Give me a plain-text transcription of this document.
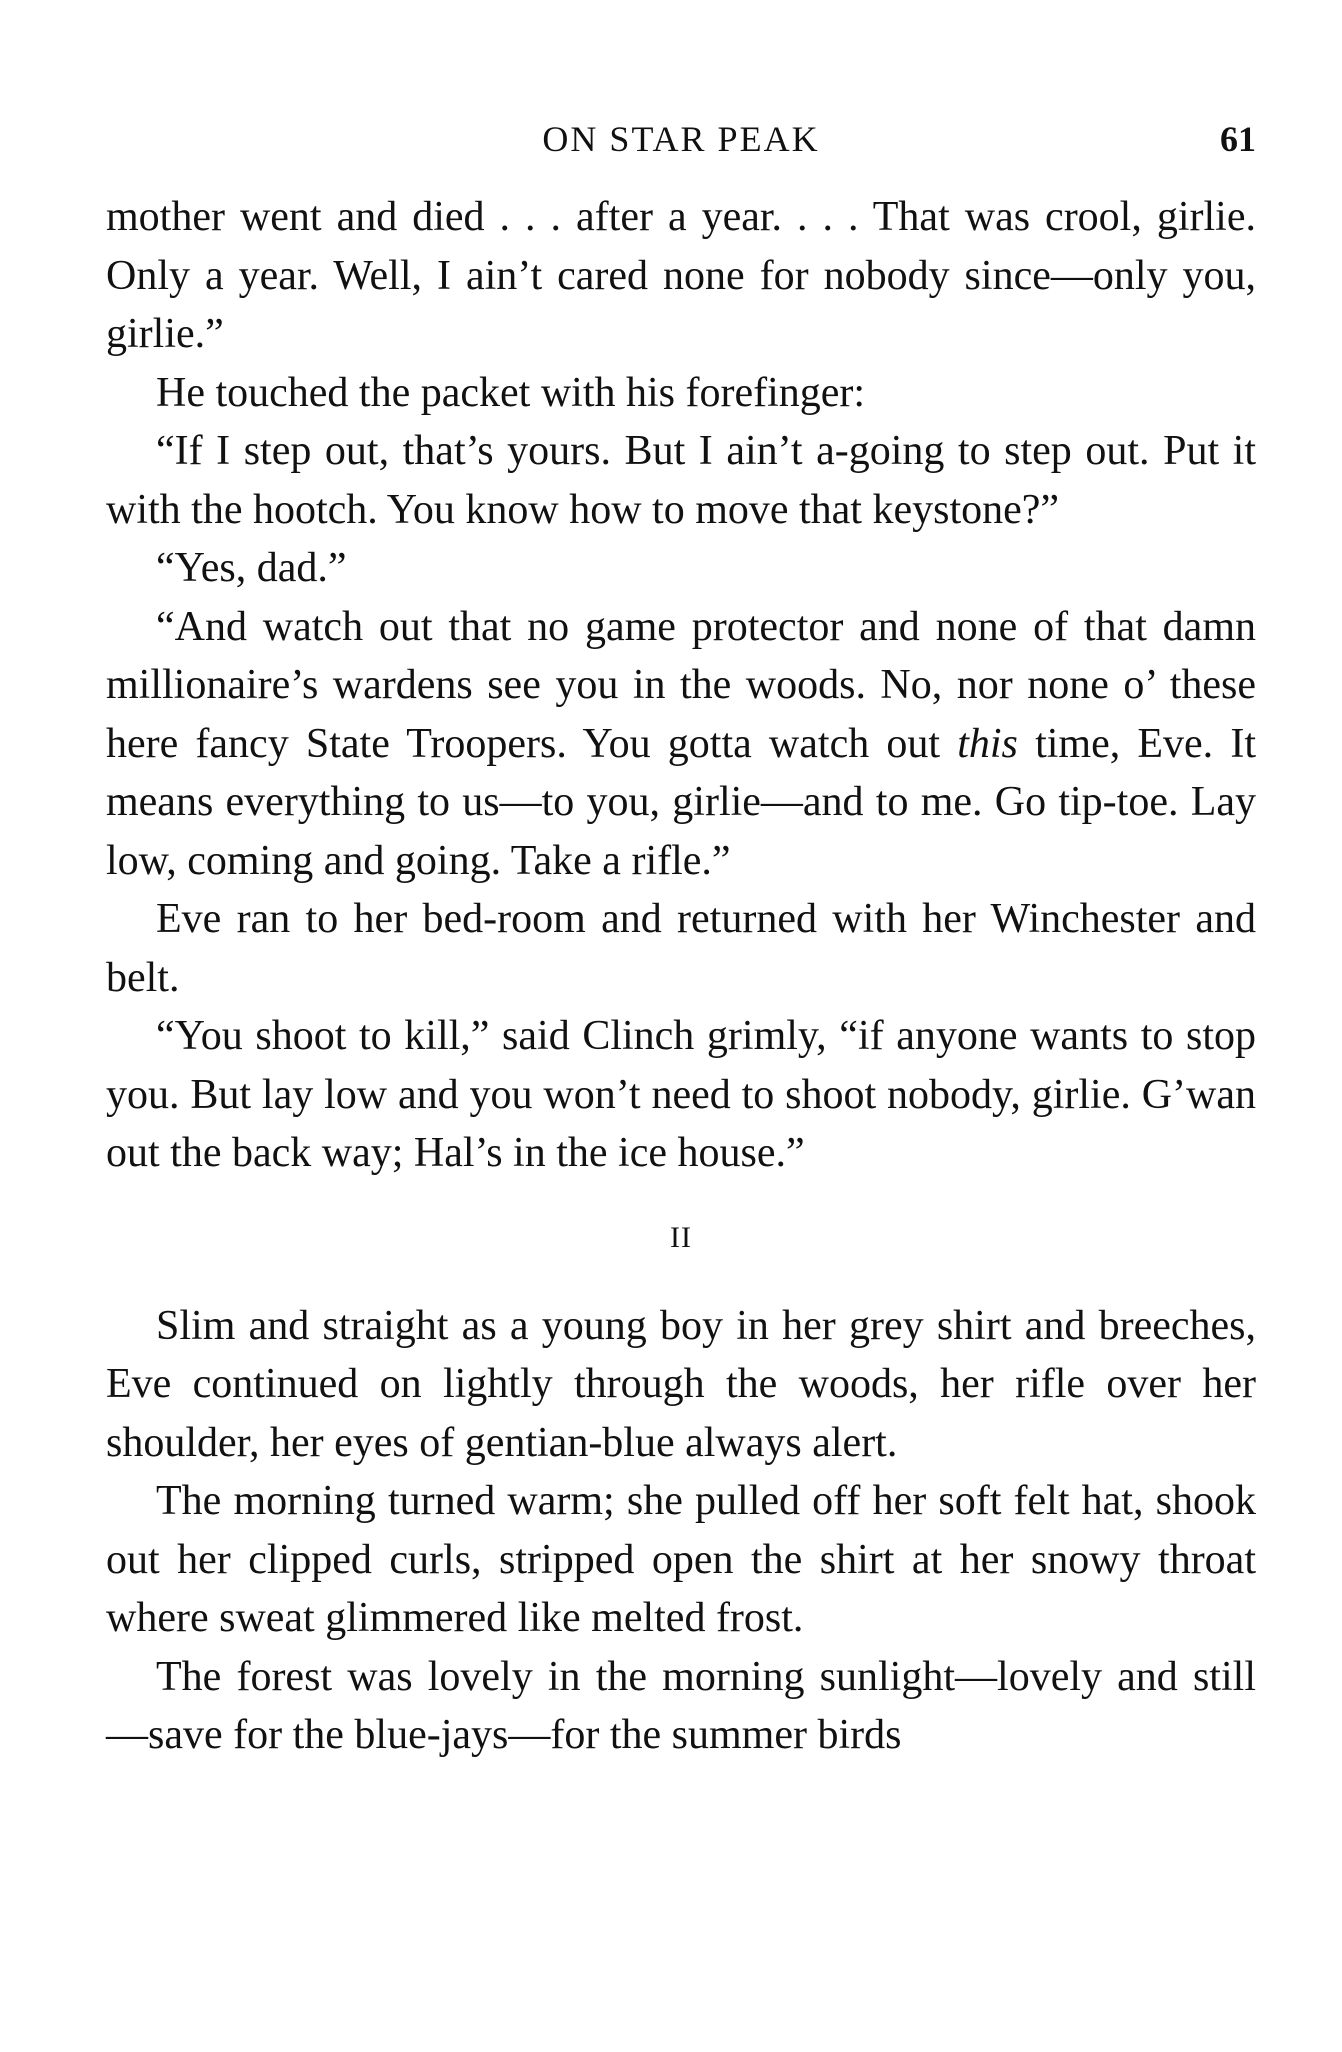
ON STAR PEAK	61

mother went and died . . . after a year. . . . That was crool, girlie. Only a year. Well, I ain’t cared none for nobody since—only you, girlie.”

He touched the packet with his forefinger:

“If I step out, that’s yours. But I ain’t a-going to step out. Put it with the hootch. You know how to move that keystone?”

“Yes, dad.”

“And watch out that no game protector and none of that damn millionaire’s wardens see you in the woods. No, nor none o’ these here fancy State Troopers. You gotta watch out this time, Eve. It means everything to us—to you, girlie—and to me. Go tip-toe. Lay low, coming and going. Take a rifle.”

Eve ran to her bed-room and returned with her Winchester and belt.

“You shoot to kill,” said Clinch grimly, “if anyone wants to stop you. But lay low and you won’t need to shoot nobody, girlie. G’wan out the back way; Hal’s in the ice house.”

II

Slim and straight as a young boy in her grey shirt and breeches, Eve continued on lightly through the woods, her rifle over her shoulder, her eyes of gentian-blue always alert.

The morning turned warm; she pulled off her soft felt hat, shook out her clipped curls, stripped open the shirt at her snowy throat where sweat glimmered like melted frost.

The forest was lovely in the morning sunlight—lovely and still—save for the blue-jays—for the summer birds
